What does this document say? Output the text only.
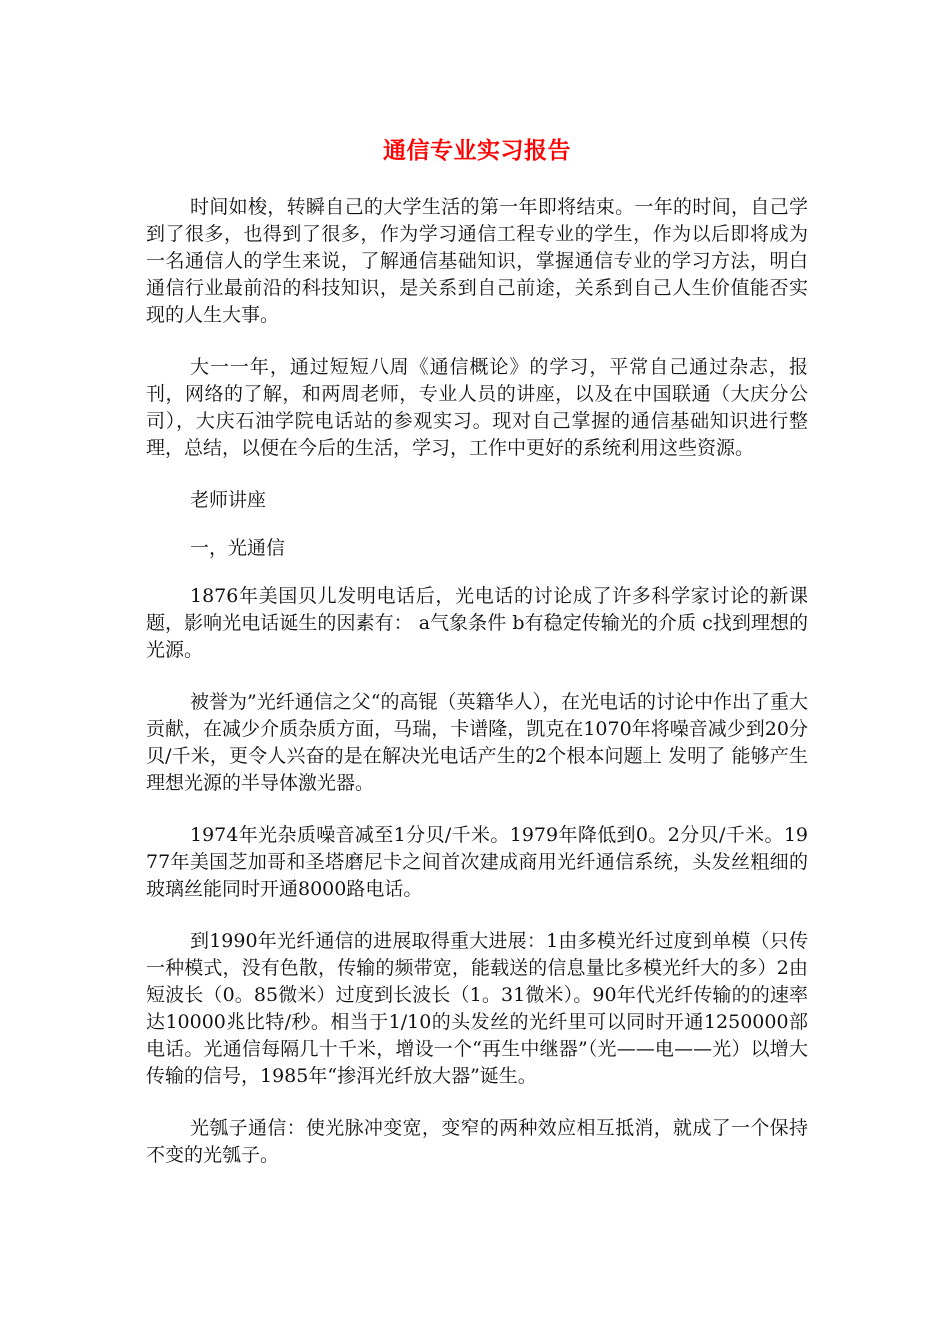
通信专业实习报告

时间如梭，转瞬自己的大学生活的第一年即将结束。一年的时间，自己学到了很多，也得到了很多，作为学习通信工程专业的学生，作为以后即将成为一名通信人的学生来说，了解通信基础知识，掌握通信专业的学习方法，明白通信行业最前沿的科技知识，是关系到自己前途，关系到自己人生价值能否实现的人生大事。

大一一年，通过短短八周《通信概论》的学习，平常自己通过杂志，报刊，网络的了解，和两周老师，专业人员的讲座，以及在中国联通（大庆分公司），大庆石油学院电话站的参观实习。现对自己掌握的通信基础知识进行整理，总结，以便在今后的生活，学习，工作中更好的系统利用这些资源。

老师讲座

一，光通信

1876年美国贝儿发明电话后，光电话的讨论成了许多科学家讨论的新课题，影响光电话诞生的因素有： a气象条件 b有稳定传输光的介质 c找到理想的光源。

被誉为”光纤通信之父“的高锟（英籍华人），在光电话的讨论中作出了重大贡献，在减少介质杂质方面，马瑞，卡谱隆，凯克在1070年将噪音减少到20分贝/千米，更令人兴奋的是在解决光电话产生的2个根本问题上 发明了 能够产生理想光源的半导体激光器。

1974年光杂质噪音减至1分贝/千米。1979年降低到0。2分贝/千米。1977年美国芝加哥和圣塔磨尼卡之间首次建成商用光纤通信系统，头发丝粗细的玻璃丝能同时开通8000路电话。

到1990年光纤通信的进展取得重大进展：1由多模光纤过度到单模（只传一种模式，没有色散，传输的频带宽，能载送的信息量比多模光纤大的多）2由短波长（0。85微米）过度到长波长（1。31微米）。90年代光纤传输的的速率达10000兆比特/秒。相当于1/10的头发丝的光纤里可以同时开通1250000部电话。光通信每隔几十千米，增设一个“再生中继器”（光——电——光）以增大传输的信号，1985年“掺洱光纤放大器”诞生。

光瓠子通信：使光脉冲变宽，变窄的两种效应相互抵消，就成了一个保持不变的光瓠子。
